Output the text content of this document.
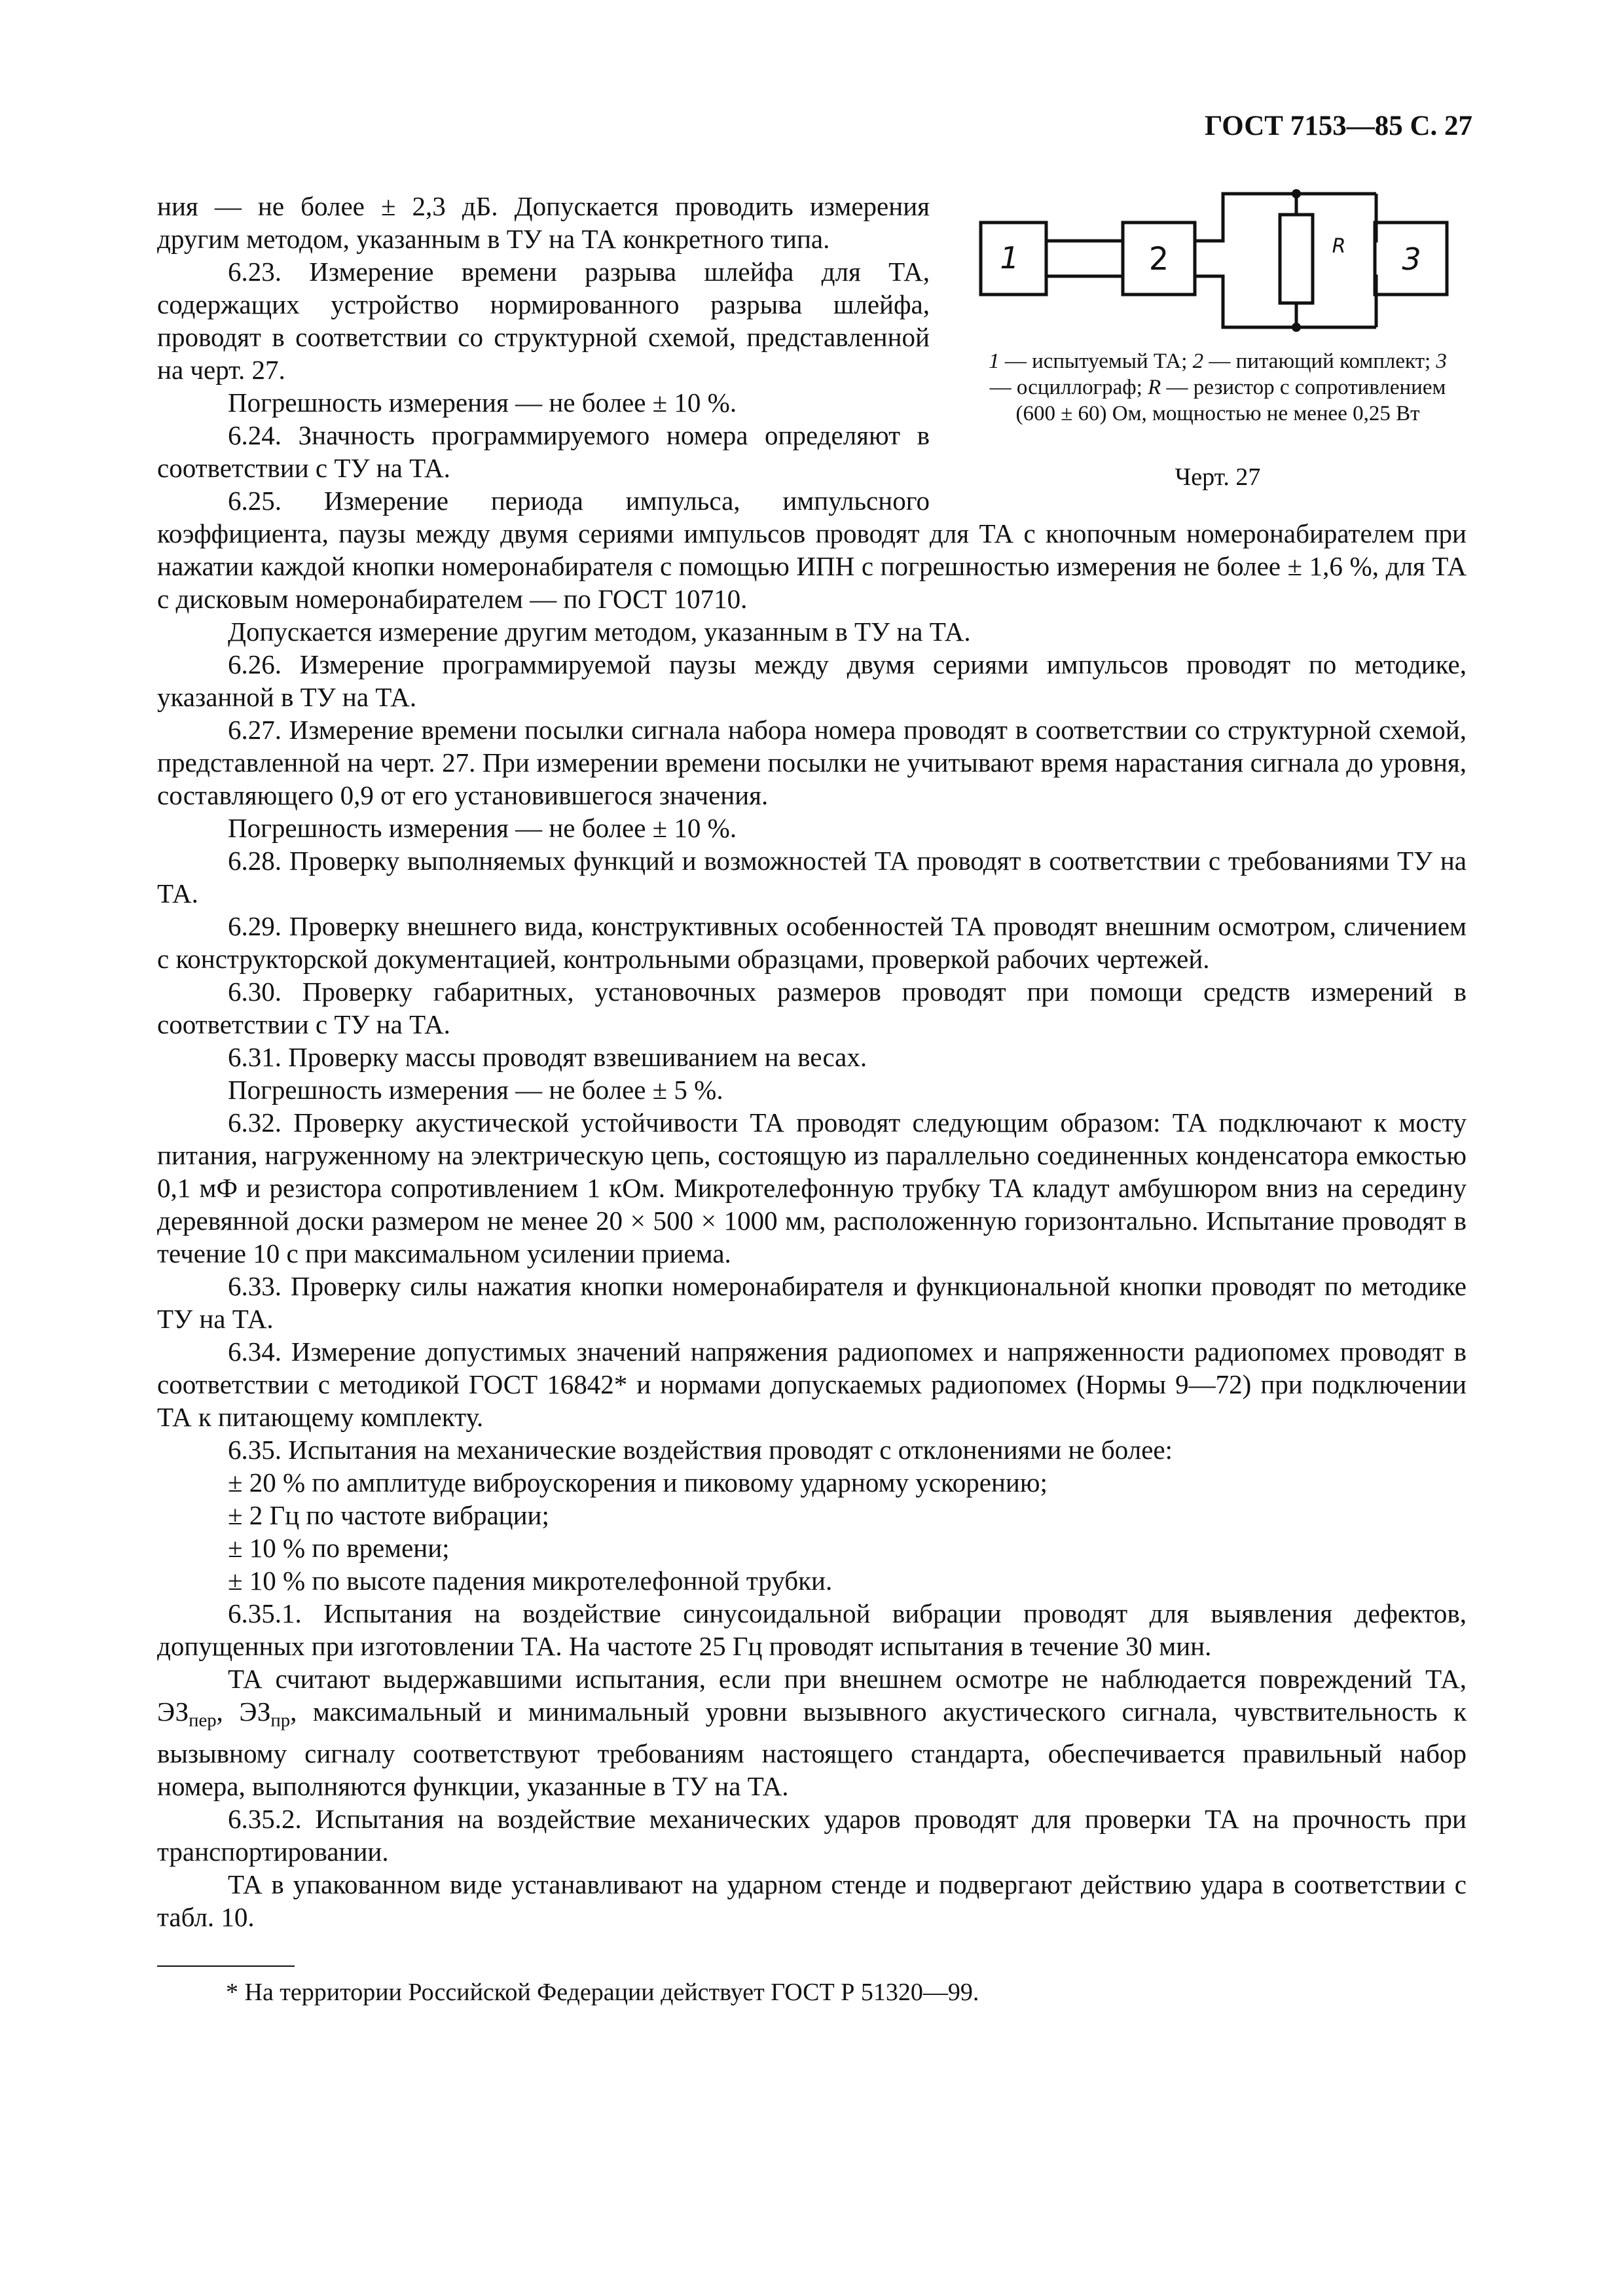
ГОСТ 7153—85 С. 27
1	2	R 3
1 — испытуемый ТА; 2 — питающий комплект; 3 — осциллограф; R — резистор с сопротивлением (600 ± 60) Ом, мощностью не менее 0,25 Вт
Черт. 27

ния — не более ± 2,3 дБ. Допускается проводить измерения другим методом, указанным в ТУ на ТА конкретного типа.

6.23. Измерение времени разрыва шлейфа для ТА, содержащих устройство нормированного разрыва шлейфа, проводят в соответствии со структурной схемой, представленной на черт. 27.

Погрешность измерения — не более ± 10 %.

6.24. Значность программируемого номера определяют в соответствии с ТУ на ТА.

6.25. Измерение периода импульса, импульсного коэффициента, паузы между двумя сериями импульсов проводят для ТА с кнопочным номеронабирателем при нажатии каждой кнопки номеронабирателя с помощью ИПН с погрешностью измерения не более ± 1,6 %, для ТА с дисковым номеронабирателем — по ГОСТ 10710.

Допускается измерение другим методом, указанным в ТУ на ТА.

6.26. Измерение программируемой паузы между двумя сериями импульсов проводят по методике, указанной в ТУ на ТА.

6.27. Измерение времени посылки сигнала набора номера проводят в соответствии со структурной схемой, представленной на черт. 27. При измерении времени посылки не учитывают время нарастания сигнала до уровня, составляющего 0,9 от его установившегося значения.

Погрешность измерения — не более ± 10 %.

6.28. Проверку выполняемых функций и возможностей ТА проводят в соответствии с требованиями ТУ на ТА.

6.29. Проверку внешнего вида, конструктивных особенностей ТА проводят внешним осмотром, сличением с конструкторской документацией, контрольными образцами, проверкой рабочих чертежей.

6.30. Проверку габаритных, установочных размеров проводят при помощи средств измерений в соответствии с ТУ на ТА.

6.31. Проверку массы проводят взвешиванием на весах.

Погрешность измерения — не более ± 5 %.

6.32. Проверку акустической устойчивости ТА проводят следующим образом: ТА подключают к мосту питания, нагруженному на электрическую цепь, состоящую из параллельно соединенных конденсатора емкостью 0,1 мФ и резистора сопротивлением 1 кОм. Микротелефонную трубку ТА кладут амбушюром вниз на середину деревянной доски размером не менее 20 × 500 × 1000 мм, расположенную горизонтально. Испытание проводят в течение 10 с при максимальном усилении приема.

6.33. Проверку силы нажатия кнопки номеронабирателя и функциональной кнопки проводят по методике ТУ на ТА.

6.34. Измерение допустимых значений напряжения радиопомех и напряженности радиопомех проводят в соответствии с методикой ГОСТ 16842* и нормами допускаемых радиопомех (Нормы 9—72) при подключении ТА к питающему комплекту.

6.35. Испытания на механические воздействия проводят с отклонениями не более:

± 20 % по амплитуде виброускорения и пиковому ударному ускорению;

± 2 Гц по частоте вибрации;

± 10 % по времени;

± 10 % по высоте падения микротелефонной трубки.

6.35.1. Испытания на воздействие синусоидальной вибрации проводят для выявления дефектов, допущенных при изготовлении ТА. На частоте 25 Гц проводят испытания в течение 30 мин.

ТА считают выдержавшими испытания, если при внешнем осмотре не наблюдается повреждений ТА, $ЭЗ_{пер}$, $ЭЗ_{пр}$, максимальный и минимальный уровни вызывного акустического сигнала, чувствительность к вызывному сигналу соответствуют требованиям настоящего стандарта, обеспечивается правильный набор номера, выполняются функции, указанные в ТУ на ТА.

6.35.2. Испытания на воздействие механических ударов проводят для проверки ТА на прочность при транспортировании.

ТА в упакованном виде устанавливают на ударном стенде и подвергают действию удара в соответствии с табл. 10.

* На территории Российской Федерации действует ГОСТ Р 51320—99.
